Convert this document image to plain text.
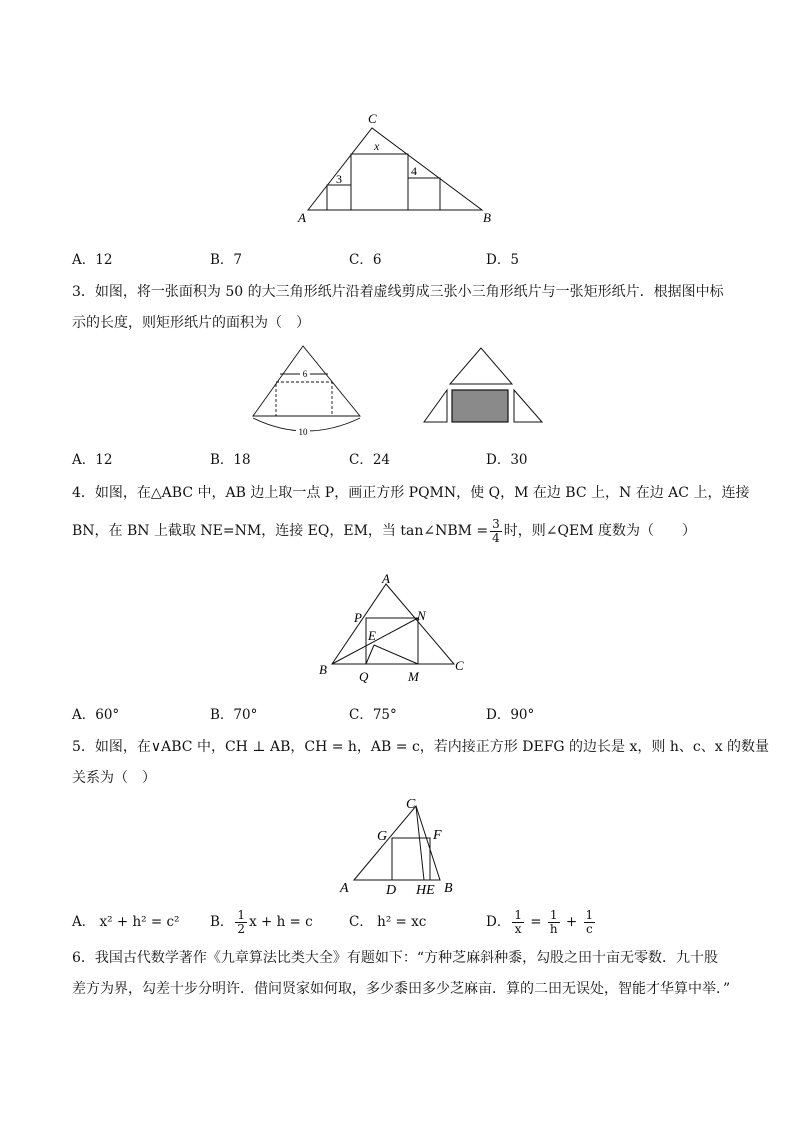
C
x
3
4
A	B
A．12	B．7	C．6	D．5
3．如图，将一张面积为 50 的大三角形纸片沿着虚线剪成三张小三角形纸片与一张矩形纸片．根据图中标
示的长度，则矩形纸片的面积为（　）
6
10
A．12	B．18	C．24	D．30
4．如图，在△ABC 中，AB 边上取一点 P，画正方形 PQMN，使 Q，M 在边 BC 上，N 在边 AC 上，连接
BN，在 BN 上截取 NE=NM，连接 EQ，EM，当 tan∠NBM = $\frac{3}{4}$ 时，则∠QEM 度数为（　　）
A
P	N
E
B	C
Q	M
A．60°	B．70°	C．75°	D．90°
5．如图，在∨ABC 中，CH ⊥ AB，CH = h，AB = c，若内接正方形 DEFG 的边长是 x，则 h、c、x 的数量
关系为（　）
C
G	F
A	D HE B
A． x² + h² = c² B． $\frac{1}{2}$ x + h = c	C． h² = xc	D． $\frac{1}{x} = \frac{1}{h} + \frac{1}{c}$
6．我国古代数学著作《九章算法比类大全》有题如下：“方种芝麻斜种黍，勾股之田十亩无零数．九十股
差方为界，勾差十步分明许．借问贤家如何取，多少黍田多少芝麻亩．算的二田无误处，智能才华算中举．”
